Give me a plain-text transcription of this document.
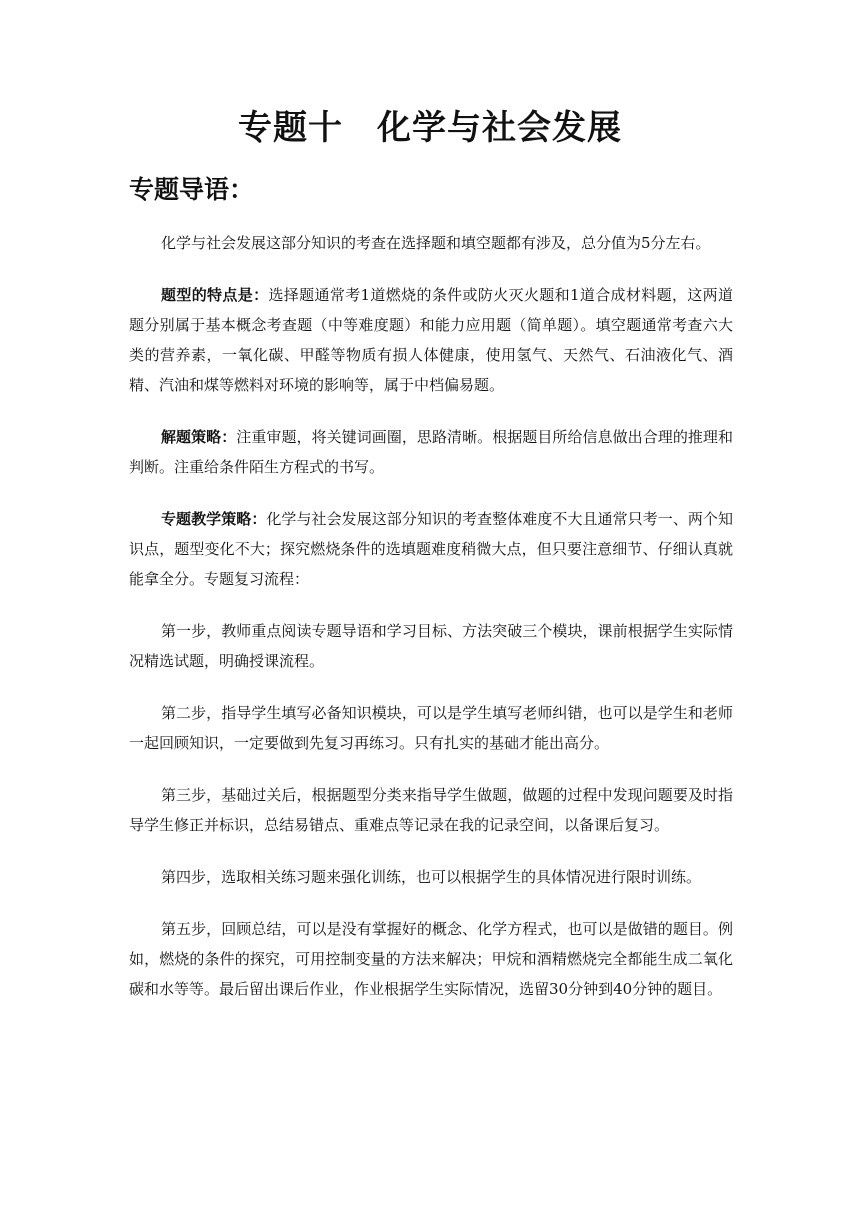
专题十 化学与社会发展
专题导语：

化学与社会发展这部分知识的考查在选择题和填空题都有涉及，总分值为5分左右。

题型的特点是：选择题通常考1道燃烧的条件或防火灭火题和1道合成材料题，这两道题分别属于基本概念考查题（中等难度题）和能力应用题（简单题）。填空题通常考查六大类的营养素，一氧化碳、甲醛等物质有损人体健康，使用氢气、天然气、石油液化气、酒精、汽油和煤等燃料对环境的影响等，属于中档偏易题。

解题策略：注重审题，将关键词画圈，思路清晰。根据题目所给信息做出合理的推理和判断。注重给条件陌生方程式的书写。

专题教学策略：化学与社会发展这部分知识的考查整体难度不大且通常只考一、两个知识点，题型变化不大；探究燃烧条件的选填题难度稍微大点，但只要注意细节、仔细认真就能拿全分。专题复习流程：

第一步，教师重点阅读专题导语和学习目标、方法突破三个模块，课前根据学生实际情况精选试题，明确授课流程。

第二步，指导学生填写必备知识模块，可以是学生填写老师纠错，也可以是学生和老师一起回顾知识，一定要做到先复习再练习。只有扎实的基础才能出高分。

第三步，基础过关后，根据题型分类来指导学生做题，做题的过程中发现问题要及时指导学生修正并标识，总结易错点、重难点等记录在我的记录空间，以备课后复习。

第四步，选取相关练习题来强化训练，也可以根据学生的具体情况进行限时训练。

第五步，回顾总结，可以是没有掌握好的概念、化学方程式，也可以是做错的题目。例如，燃烧的条件的探究，可用控制变量的方法来解决；甲烷和酒精燃烧完全都能生成二氧化碳和水等等。最后留出课后作业，作业根据学生实际情况，选留30分钟到40分钟的题目。
